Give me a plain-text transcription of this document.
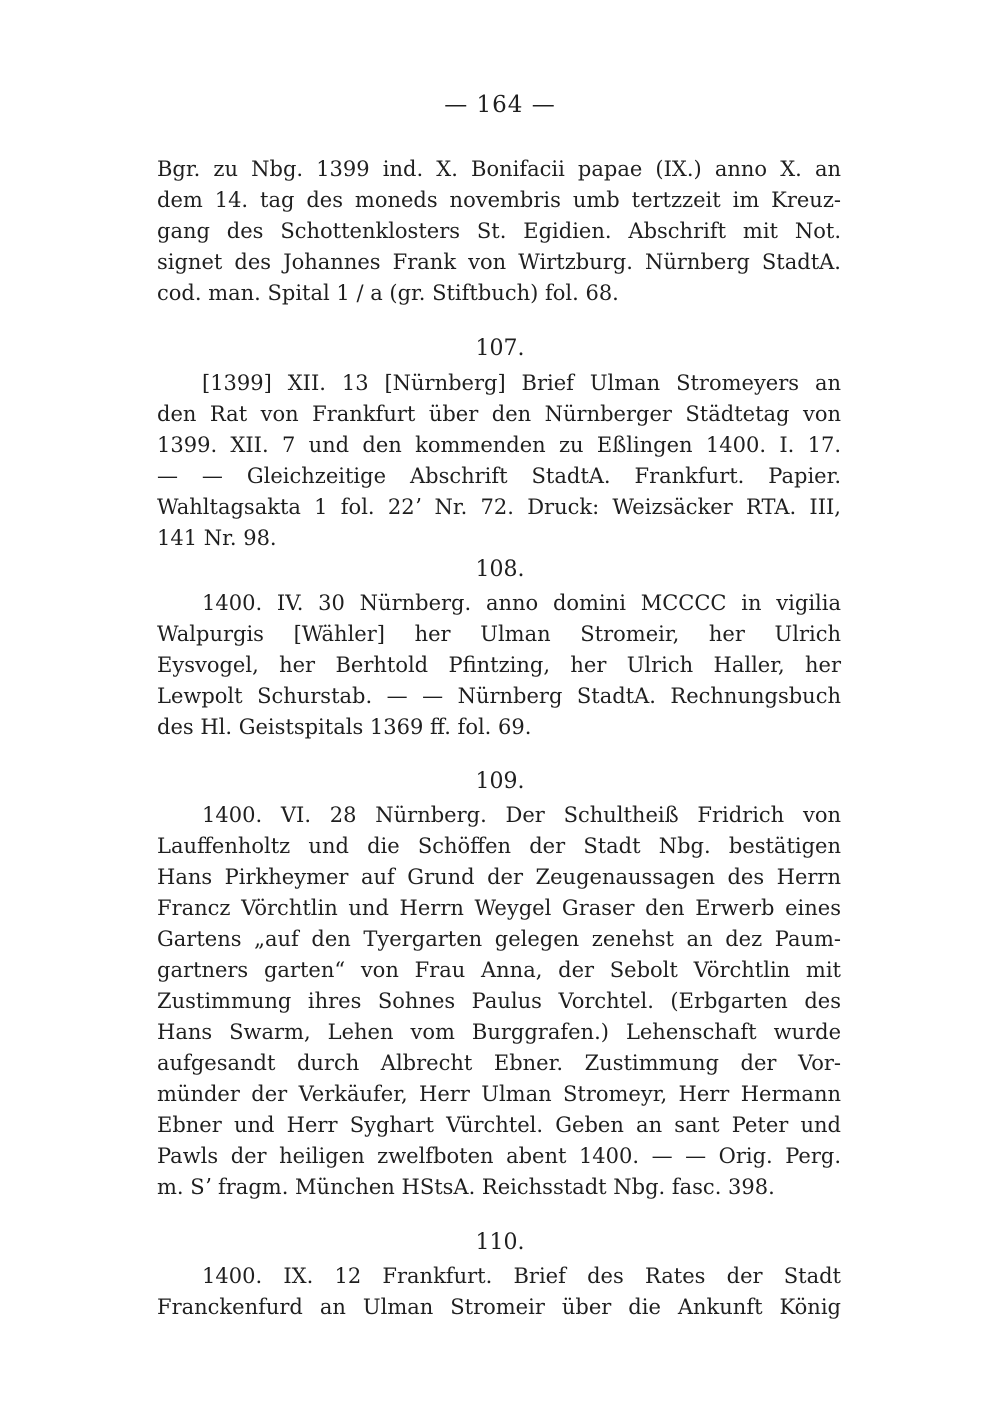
— 164 —
Bgr. zu Nbg. 1399 ind. X. Bonifacii papae (IX.) anno X. an
dem 14. tag des moneds novembris umb tertzzeit im Kreuz-
gang des Schottenklosters St. Egidien. Abschrift mit Not.
signet des Johannes Frank von Wirtzburg. Nürnberg StadtA.
cod. man. Spital 1 / a (gr. Stiftbuch) fol. 68.
107.
[1399] XII. 13 [Nürnberg] Brief Ulman Stromeyers an
den Rat von Frankfurt über den Nürnberger Städtetag von
1399. XII. 7 und den kommenden zu Eßlingen 1400. I. 17.
— — Gleichzeitige Abschrift StadtA. Frankfurt. Papier.
Wahltagsakta 1 fol. 22ʼ Nr. 72. Druck: Weizsäcker RTA. III,
141 Nr. 98.
108.
1400. IV. 30 Nürnberg. anno domini MCCCC in vigilia
Walpurgis [Wähler] her Ulman Stromeir, her Ulrich
Eysvogel, her Berhtold Pfintzing, her Ulrich Haller, her
Lewpolt Schurstab. — — Nürnberg StadtA. Rechnungsbuch
des Hl. Geistspitals 1369 ff. fol. 69.
109.
1400. VI. 28 Nürnberg. Der Schultheiß Fridrich von
Lauffenholtz und die Schöffen der Stadt Nbg. bestätigen
Hans Pirkheymer auf Grund der Zeugenaussagen des Herrn
Francz Vörchtlin und Herrn Weygel Graser den Erwerb eines
Gartens „auf den Tyergarten gelegen zenehst an dez Paum-
gartners garten“ von Frau Anna, der Sebolt Vörchtlin mit
Zustimmung ihres Sohnes Paulus Vorchtel. (Erbgarten des
Hans Swarm, Lehen vom Burggrafen.) Lehenschaft wurde
aufgesandt durch Albrecht Ebner. Zustimmung der Vor-
münder der Verkäufer, Herr Ulman Stromeyr, Herr Hermann
Ebner und Herr Syghart Vürchtel. Geben an sant Peter und
Pawls der heiligen zwelfboten abent 1400. — — Orig. Perg.
m. Sʼ fragm. München HStsA. Reichsstadt Nbg. fasc. 398.
110.
1400. IX. 12 Frankfurt. Brief des Rates der Stadt
Franckenfurd an Ulman Stromeir über die Ankunft König
